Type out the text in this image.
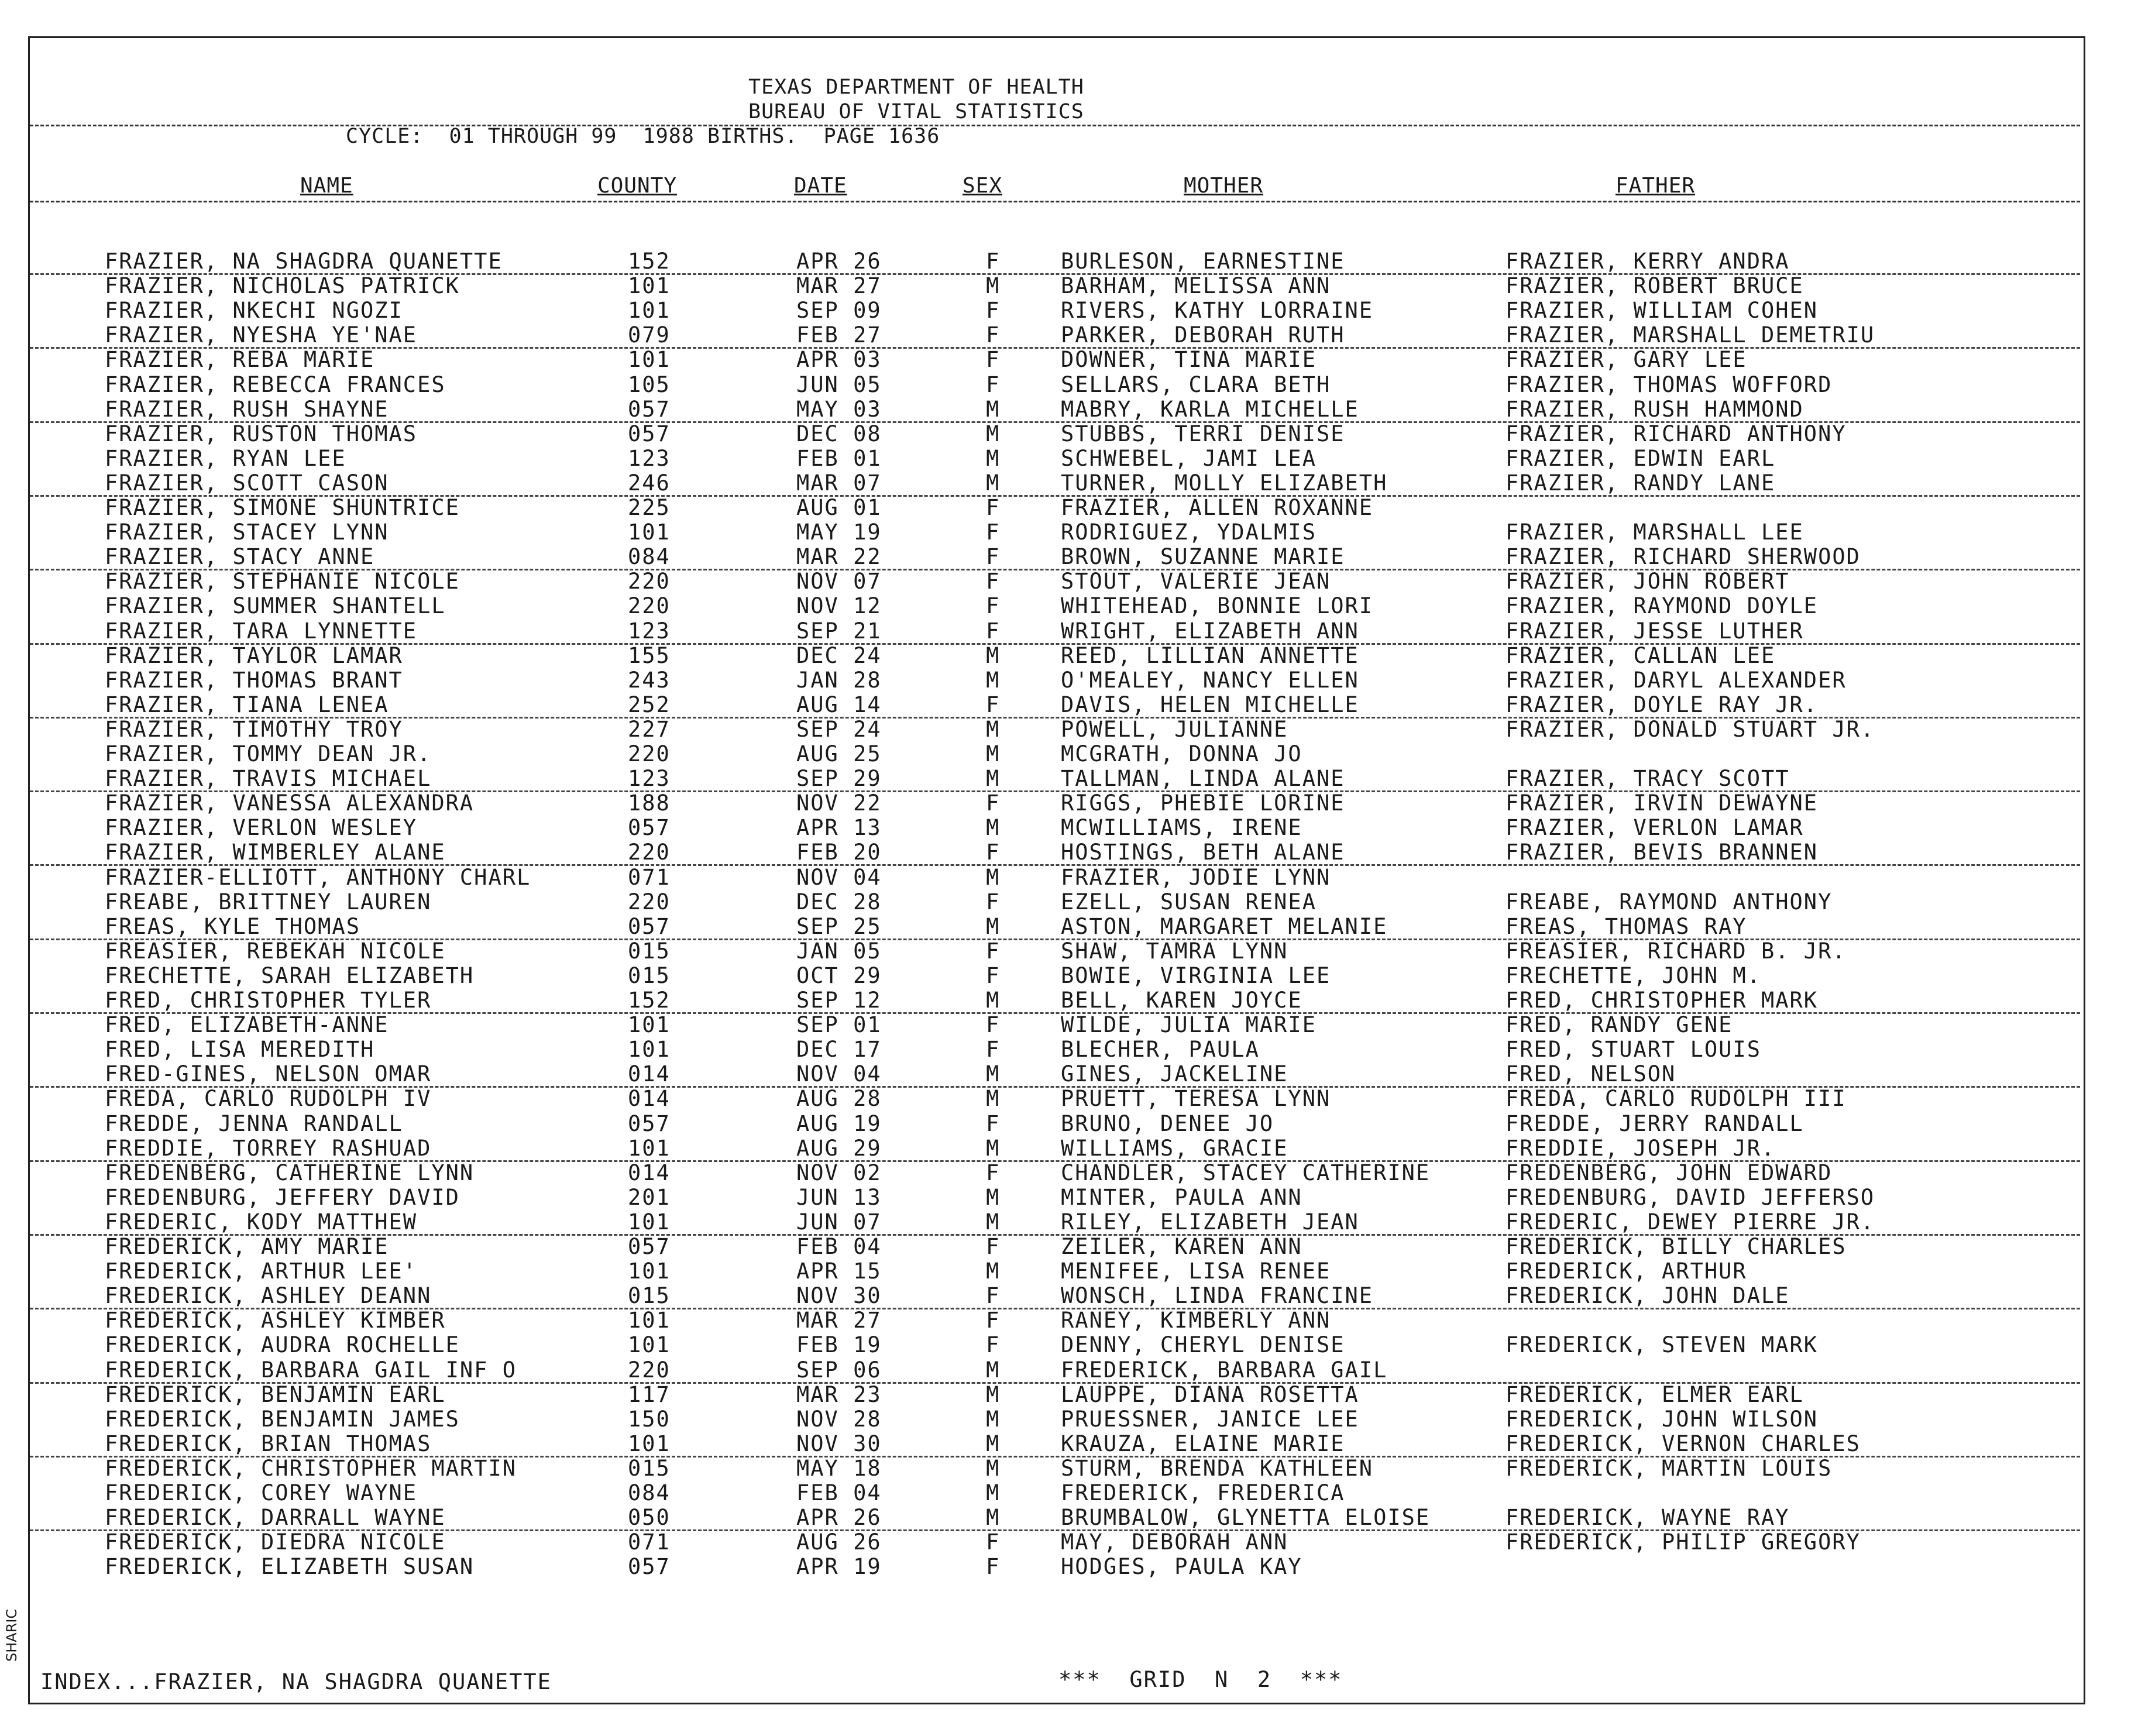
TEXAS DEPARTMENT OF HEALTH
BUREAU OF VITAL STATISTICS
CYCLE:  01 THROUGH 99  1988 BIRTHS.  PAGE 1636
NAME	COUNTY	DATE	SEX	MOTHER	FATHER
FRAZIER, NA SHAGDRA QUANETTE	152	APR 26	F	BURLESON, EARNESTINE	FRAZIER, KERRY ANDRA
FRAZIER, NICHOLAS PATRICK	101	MAR 27	M	BARHAM, MELISSA ANN	FRAZIER, ROBERT BRUCE
FRAZIER, NKECHI NGOZI	101	SEP 09	F	RIVERS, KATHY LORRAINE	FRAZIER, WILLIAM COHEN
FRAZIER, NYESHA YE'NAE	079	FEB 27	F	PARKER, DEBORAH RUTH	FRAZIER, MARSHALL DEMETRIU
FRAZIER, REBA MARIE	101	APR 03	F	DOWNER, TINA MARIE	FRAZIER, GARY LEE
FRAZIER, REBECCA FRANCES	105	JUN 05	F	SELLARS, CLARA BETH	FRAZIER, THOMAS WOFFORD
FRAZIER, RUSH SHAYNE	057	MAY 03	M	MABRY, KARLA MICHELLE	FRAZIER, RUSH HAMMOND
FRAZIER, RUSTON THOMAS	057	DEC 08	M	STUBBS, TERRI DENISE	FRAZIER, RICHARD ANTHONY
FRAZIER, RYAN LEE	123	FEB 01	M	SCHWEBEL, JAMI LEA	FRAZIER, EDWIN EARL
FRAZIER, SCOTT CASON	246	MAR 07	M	TURNER, MOLLY ELIZABETH	FRAZIER, RANDY LANE
FRAZIER, SIMONE SHUNTRICE	225	AUG 01	F	FRAZIER, ALLEN ROXANNE
FRAZIER, STACEY LYNN	101	MAY 19	F	RODRIGUEZ, YDALMIS	FRAZIER, MARSHALL LEE
FRAZIER, STACY ANNE	084	MAR 22	F	BROWN, SUZANNE MARIE	FRAZIER, RICHARD SHERWOOD
FRAZIER, STEPHANIE NICOLE	220	NOV 07	F	STOUT, VALERIE JEAN	FRAZIER, JOHN ROBERT
FRAZIER, SUMMER SHANTELL	220	NOV 12	F	WHITEHEAD, BONNIE LORI	FRAZIER, RAYMOND DOYLE
FRAZIER, TARA LYNNETTE	123	SEP 21	F	WRIGHT, ELIZABETH ANN	FRAZIER, JESSE LUTHER
FRAZIER, TAYLOR LAMAR	155	DEC 24	M	REED, LILLIAN ANNETTE	FRAZIER, CALLAN LEE
FRAZIER, THOMAS BRANT	243	JAN 28	M	O'MEALEY, NANCY ELLEN	FRAZIER, DARYL ALEXANDER
FRAZIER, TIANA LENEA	252	AUG 14	F	DAVIS, HELEN MICHELLE	FRAZIER, DOYLE RAY JR.
FRAZIER, TIMOTHY TROY	227	SEP 24	M	POWELL, JULIANNE	FRAZIER, DONALD STUART JR.
FRAZIER, TOMMY DEAN JR.	220	AUG 25	M	MCGRATH, DONNA JO
FRAZIER, TRAVIS MICHAEL	123	SEP 29	M	TALLMAN, LINDA ALANE	FRAZIER, TRACY SCOTT
FRAZIER, VANESSA ALEXANDRA	188	NOV 22	F	RIGGS, PHEBIE LORINE	FRAZIER, IRVIN DEWAYNE
FRAZIER, VERLON WESLEY	057	APR 13	M	MCWILLIAMS, IRENE	FRAZIER, VERLON LAMAR
FRAZIER, WIMBERLEY ALANE	220	FEB 20	F	HOSTINGS, BETH ALANE	FRAZIER, BEVIS BRANNEN
FRAZIER-ELLIOTT, ANTHONY CHARL	071	NOV 04	M	FRAZIER, JODIE LYNN
FREABE, BRITTNEY LAUREN	220	DEC 28	F	EZELL, SUSAN RENEA	FREABE, RAYMOND ANTHONY
FREAS, KYLE THOMAS	057	SEP 25	M	ASTON, MARGARET MELANIE	FREAS, THOMAS RAY
FREASIER, REBEKAH NICOLE	015	JAN 05	F	SHAW, TAMRA LYNN	FREASIER, RICHARD B. JR.
FRECHETTE, SARAH ELIZABETH	015	OCT 29	F	BOWIE, VIRGINIA LEE	FRECHETTE, JOHN M.
FRED, CHRISTOPHER TYLER	152	SEP 12	M	BELL, KAREN JOYCE	FRED, CHRISTOPHER MARK
FRED, ELIZABETH-ANNE	101	SEP 01	F	WILDE, JULIA MARIE	FRED, RANDY GENE
FRED, LISA MEREDITH	101	DEC 17	F	BLECHER, PAULA	FRED, STUART LOUIS
FRED-GINES, NELSON OMAR	014	NOV 04	M	GINES, JACKELINE	FRED, NELSON
FREDA, CARLO RUDOLPH IV	014	AUG 28	M	PRUETT, TERESA LYNN	FREDA, CARLO RUDOLPH III
FREDDE, JENNA RANDALL	057	AUG 19	F	BRUNO, DENEE JO	FREDDE, JERRY RANDALL
FREDDIE, TORREY RASHUAD	101	AUG 29	M	WILLIAMS, GRACIE	FREDDIE, JOSEPH JR.
FREDENBERG, CATHERINE LYNN	014	NOV 02	F	CHANDLER, STACEY CATHERINE	FREDENBERG, JOHN EDWARD
FREDENBURG, JEFFERY DAVID	201	JUN 13	M	MINTER, PAULA ANN	FREDENBURG, DAVID JEFFERSO
FREDERIC, KODY MATTHEW	101	JUN 07	M	RILEY, ELIZABETH JEAN	FREDERIC, DEWEY PIERRE JR.
FREDERICK, AMY MARIE	057	FEB 04	F	ZEILER, KAREN ANN	FREDERICK, BILLY CHARLES
FREDERICK, ARTHUR LEE'	101	APR 15	M	MENIFEE, LISA RENEE	FREDERICK, ARTHUR
FREDERICK, ASHLEY DEANN	015	NOV 30	F	WONSCH, LINDA FRANCINE	FREDERICK, JOHN DALE
FREDERICK, ASHLEY KIMBER	101	MAR 27	F	RANEY, KIMBERLY ANN
FREDERICK, AUDRA ROCHELLE	101	FEB 19	F	DENNY, CHERYL DENISE	FREDERICK, STEVEN MARK
FREDERICK, BARBARA GAIL INF O	220	SEP 06	M	FREDERICK, BARBARA GAIL
FREDERICK, BENJAMIN EARL	117	MAR 23	M	LAUPPE, DIANA ROSETTA	FREDERICK, ELMER EARL
FREDERICK, BENJAMIN JAMES	150	NOV 28	M	PRUESSNER, JANICE LEE	FREDERICK, JOHN WILSON
FREDERICK, BRIAN THOMAS	101	NOV 30	M	KRAUZA, ELAINE MARIE	FREDERICK, VERNON CHARLES
FREDERICK, CHRISTOPHER MARTIN	015	MAY 18	M	STURM, BRENDA KATHLEEN	FREDERICK, MARTIN LOUIS
FREDERICK, COREY WAYNE	084	FEB 04	M	FREDERICK, FREDERICA
FREDERICK, DARRALL WAYNE	050	APR 26	M	BRUMBALOW, GLYNETTA ELOISE	FREDERICK, WAYNE RAY
FREDERICK, DIEDRA NICOLE	071	AUG 26	F	MAY, DEBORAH ANN	FREDERICK, PHILIP GREGORY
FREDERICK, ELIZABETH SUSAN	057	APR 19	F	HODGES, PAULA KAY
INDEX...FRAZIER, NA SHAGDRA QUANETTE	***  GRID  N  2  ***
SHARIC
